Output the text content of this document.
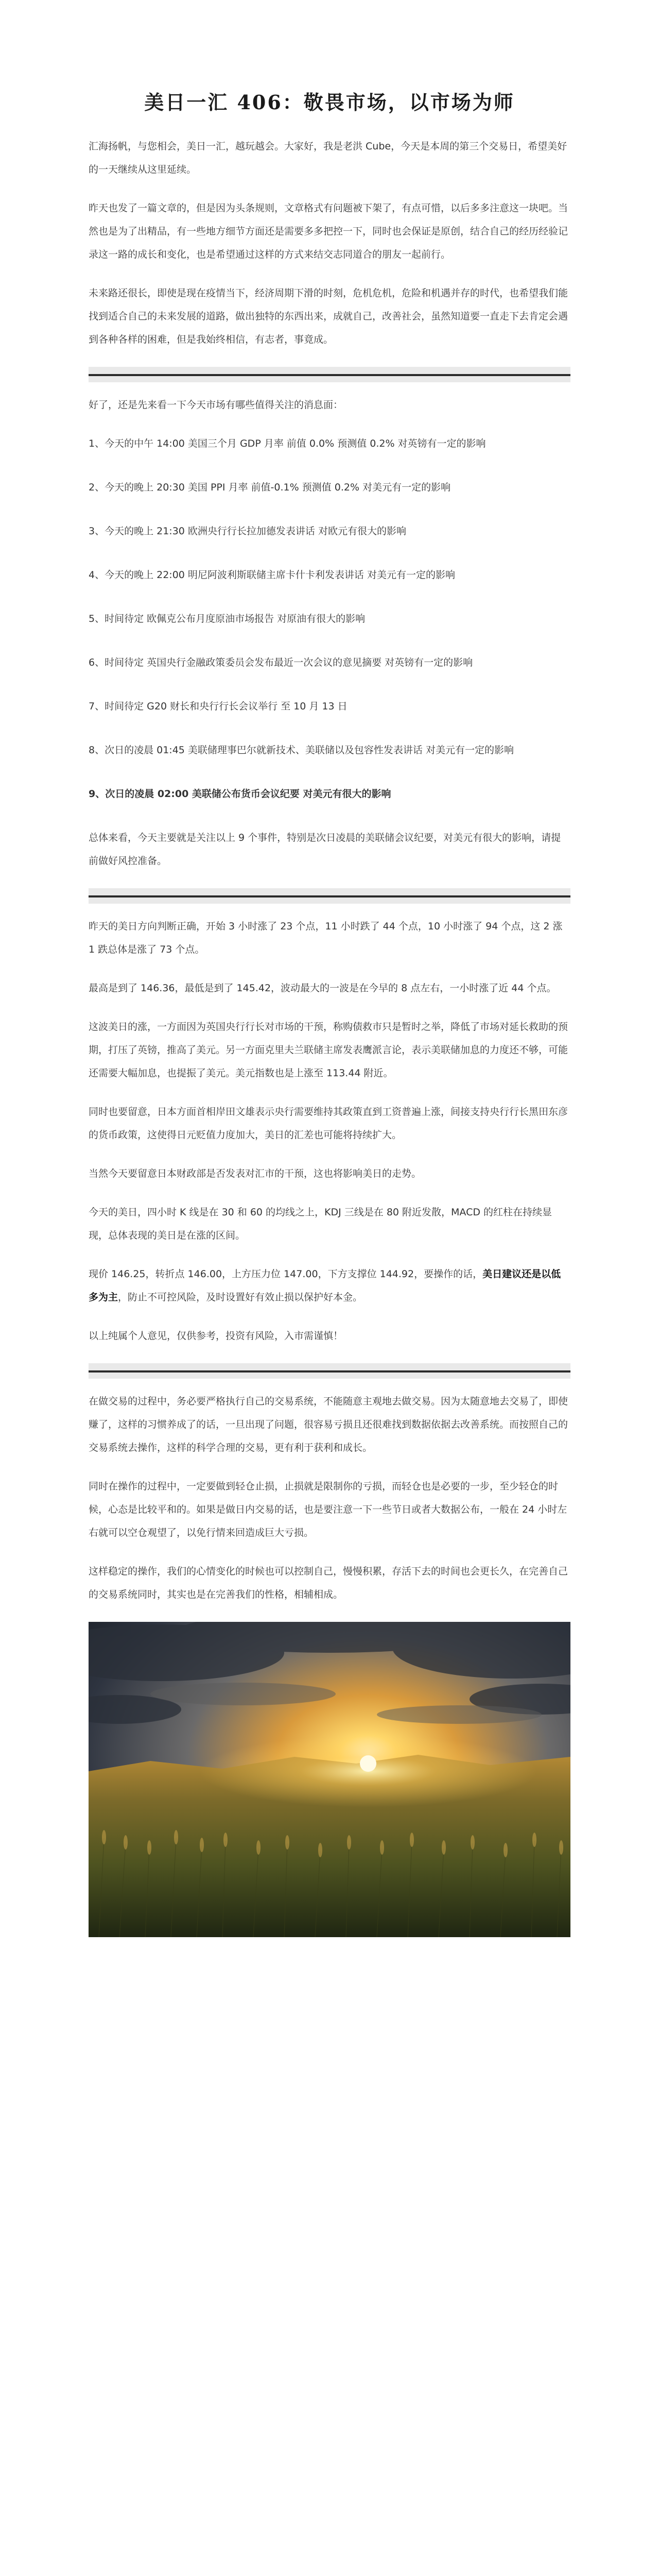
美日一汇 406：敬畏市场，以市场为师

汇海扬帆，与您相会，美日一汇，越玩越会。大家好，我是老洪 Cube，今天是本周的第三个交易日，希望美好的一天继续从这里延续。

昨天也发了一篇文章的，但是因为头条规则，文章格式有问题被下架了，有点可惜，以后多多注意这一块吧。当然也是为了出精品，有一些地方细节方面还是需要多多把控一下，同时也会保证是原创，结合自己的经历经验记录这一路的成长和变化，也是希望通过这样的方式来结交志同道合的朋友一起前行。

未来路还很长，即使是现在疫情当下，经济周期下滑的时刻，危机危机，危险和机遇并存的时代，也希望我们能找到适合自己的未来发展的道路，做出独特的东西出来，成就自己，改善社会，虽然知道要一直走下去肯定会遇到各种各样的困难，但是我始终相信，有志者，事竟成。

好了，还是先来看一下今天市场有哪些值得关注的消息面：

1、今天的中午 14:00 美国三个月 GDP 月率 前值 0.0% 预测值 0.2% 对英镑有一定的影响
2、今天的晚上 20:30 美国 PPI 月率 前值-0.1% 预测值 0.2% 对美元有一定的影响
3、今天的晚上 21:30 欧洲央行行长拉加德发表讲话 对欧元有很大的影响
4、今天的晚上 22:00 明尼阿波利斯联储主席卡什卡利发表讲话 对美元有一定的影响
5、时间待定 欧佩克公布月度原油市场报告 对原油有很大的影响
6、时间待定 英国央行金融政策委员会发布最近一次会议的意见摘要 对英镑有一定的影响
7、时间待定 G20 财长和央行行长会议举行 至 10 月 13 日
8、次日的凌晨 01:45 美联储理事巴尔就新技术、美联储以及包容性发表讲话 对美元有一定的影响
9、次日的凌晨 02:00 美联储公布货币会议纪要 对美元有很大的影响

总体来看，今天主要就是关注以上 9 个事件，特别是次日凌晨的美联储会议纪要，对美元有很大的影响，请提前做好风控准备。

昨天的美日方向判断正确，开始 3 小时涨了 23 个点，11 小时跌了 44 个点，10 小时涨了 94 个点，这 2 涨 1 跌总体是涨了 73 个点。

最高是到了 146.36，最低是到了 145.42，波动最大的一波是在今早的 8 点左右，一小时涨了近 44 个点。

这波美日的涨，一方面因为英国央行行长对市场的干预，称购债救市只是暂时之举，降低了市场对延长救助的预期，打压了英镑，推高了美元。另一方面克里夫兰联储主席发表鹰派言论，表示美联储加息的力度还不够，可能还需要大幅加息，也提振了美元。美元指数也是上涨至 113.44 附近。

同时也要留意，日本方面首相岸田文雄表示央行需要维持其政策直到工资普遍上涨，间接支持央行行长黑田东彦的货币政策，这使得日元贬值力度加大，美日的汇差也可能将持续扩大。

当然今天要留意日本财政部是否发表对汇市的干预，这也将影响美日的走势。

今天的美日，四小时 K 线是在 30 和 60 的均线之上，KDJ 三线是在 80 附近发散，MACD 的红柱在持续显现，总体表现的美日是在涨的区间。

现价 146.25，转折点 146.00，上方压力位 147.00，下方支撑位 144.92，要操作的话，美日建议还是以低多为主，防止不可控风险，及时设置好有效止损以保护好本金。

以上纯属个人意见，仅供参考，投资有风险，入市需谨慎！

在做交易的过程中，务必要严格执行自己的交易系统，不能随意主观地去做交易。因为太随意地去交易了，即使赚了，这样的习惯养成了的话，一旦出现了问题，很容易亏损且还很难找到数据依据去改善系统。而按照自己的交易系统去操作，这样的科学合理的交易，更有利于获利和成长。

同时在操作的过程中，一定要做到轻仓止损，止损就是限制你的亏损，而轻仓也是必要的一步，至少轻仓的时候，心态是比较平和的。如果是做日内交易的话，也是要注意一下一些节日或者大数据公布，一般在 24 小时左右就可以空仓观望了，以免行情来回造成巨大亏损。

这样稳定的操作，我们的心情变化的时候也可以控制自己，慢慢积累，存活下去的时间也会更长久，在完善自己的交易系统同时，其实也是在完善我们的性格，相辅相成。
